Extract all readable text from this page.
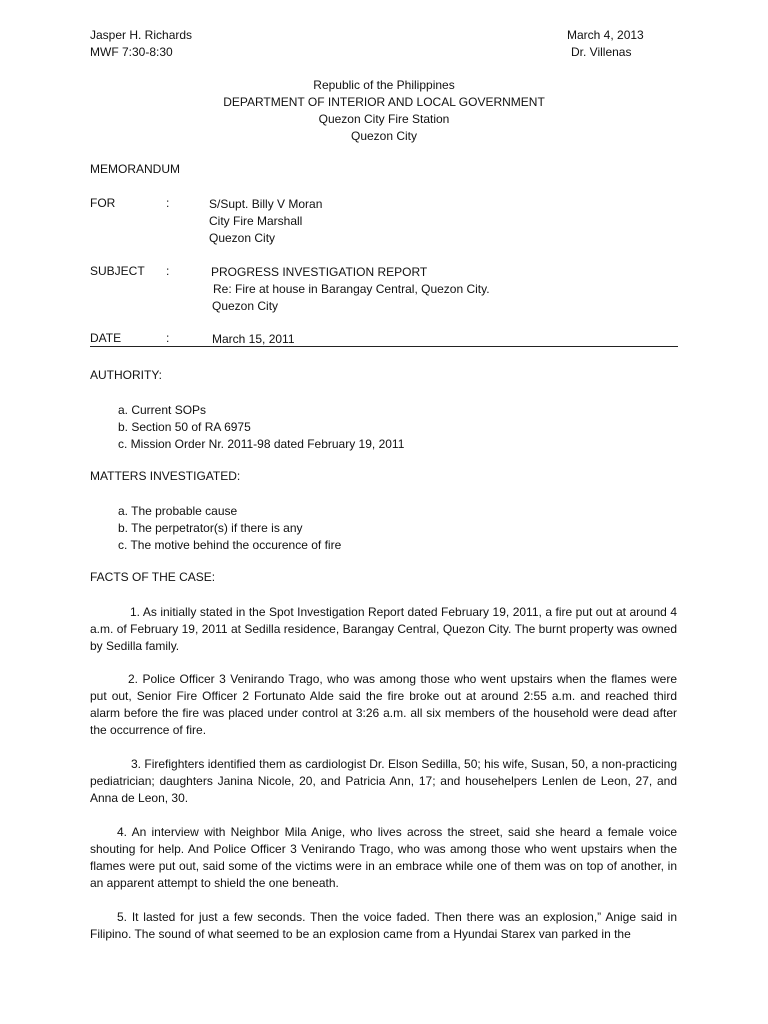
Jasper H. Richards
MWF 7:30-8:30
March 4, 2013
Dr. Villenas
Republic of the Philippines
DEPARTMENT OF INTERIOR AND LOCAL GOVERNMENT
Quezon City Fire Station
Quezon City
MEMORANDUM
FOR	:	S/Supt. Billy V Moran
City Fire Marshall
Quezon City
SUBJECT :	PROGRESS INVESTIGATION REPORT
Re: Fire at house in Barangay Central, Quezon City.
Quezon City
DATE	:	March 15, 2011
AUTHORITY:
a. Current SOPs
b. Section 50 of RA 6975
c. Mission Order Nr. 2011-98 dated February 19, 2011
MATTERS INVESTIGATED:
a. The probable cause
b. The perpetrator(s) if there is any
c. The motive behind the occurence of fire
FACTS OF THE CASE:
1. As initially stated in the Spot Investigation Report dated February 19, 2011, a fire put out at around 4 a.m. of February 19, 2011 at Sedilla residence, Barangay Central, Quezon City. The burnt property was owned by Sedilla family.
2. Police Officer 3 Venirando Trago, who was among those who went upstairs when the flames were put out, Senior Fire Officer 2 Fortunato Alde said the fire broke out at around 2:55 a.m. and reached third alarm before the fire was placed under control at 3:26 a.m. all six members of the household were dead after the occurrence of fire.
3. Firefighters identified them as cardiologist Dr. Elson Sedilla, 50; his wife, Susan, 50, a non-practicing pediatrician; daughters Janina Nicole, 20, and Patricia Ann, 17; and househelpers Lenlen de Leon, 27, and Anna de Leon, 30.
4. An interview with Neighbor Mila Anige, who lives across the street, said she heard a female voice shouting for help. And Police Officer 3 Venirando Trago, who was among those who went upstairs when the flames were put out, said some of the victims were in an embrace while one of them was on top of another, in an apparent attempt to shield the one beneath.
5. It lasted for just a few seconds. Then the voice faded. Then there was an explosion,” Anige said in Filipino. The sound of what seemed to be an explosion came from a Hyundai Starex van parked in the
